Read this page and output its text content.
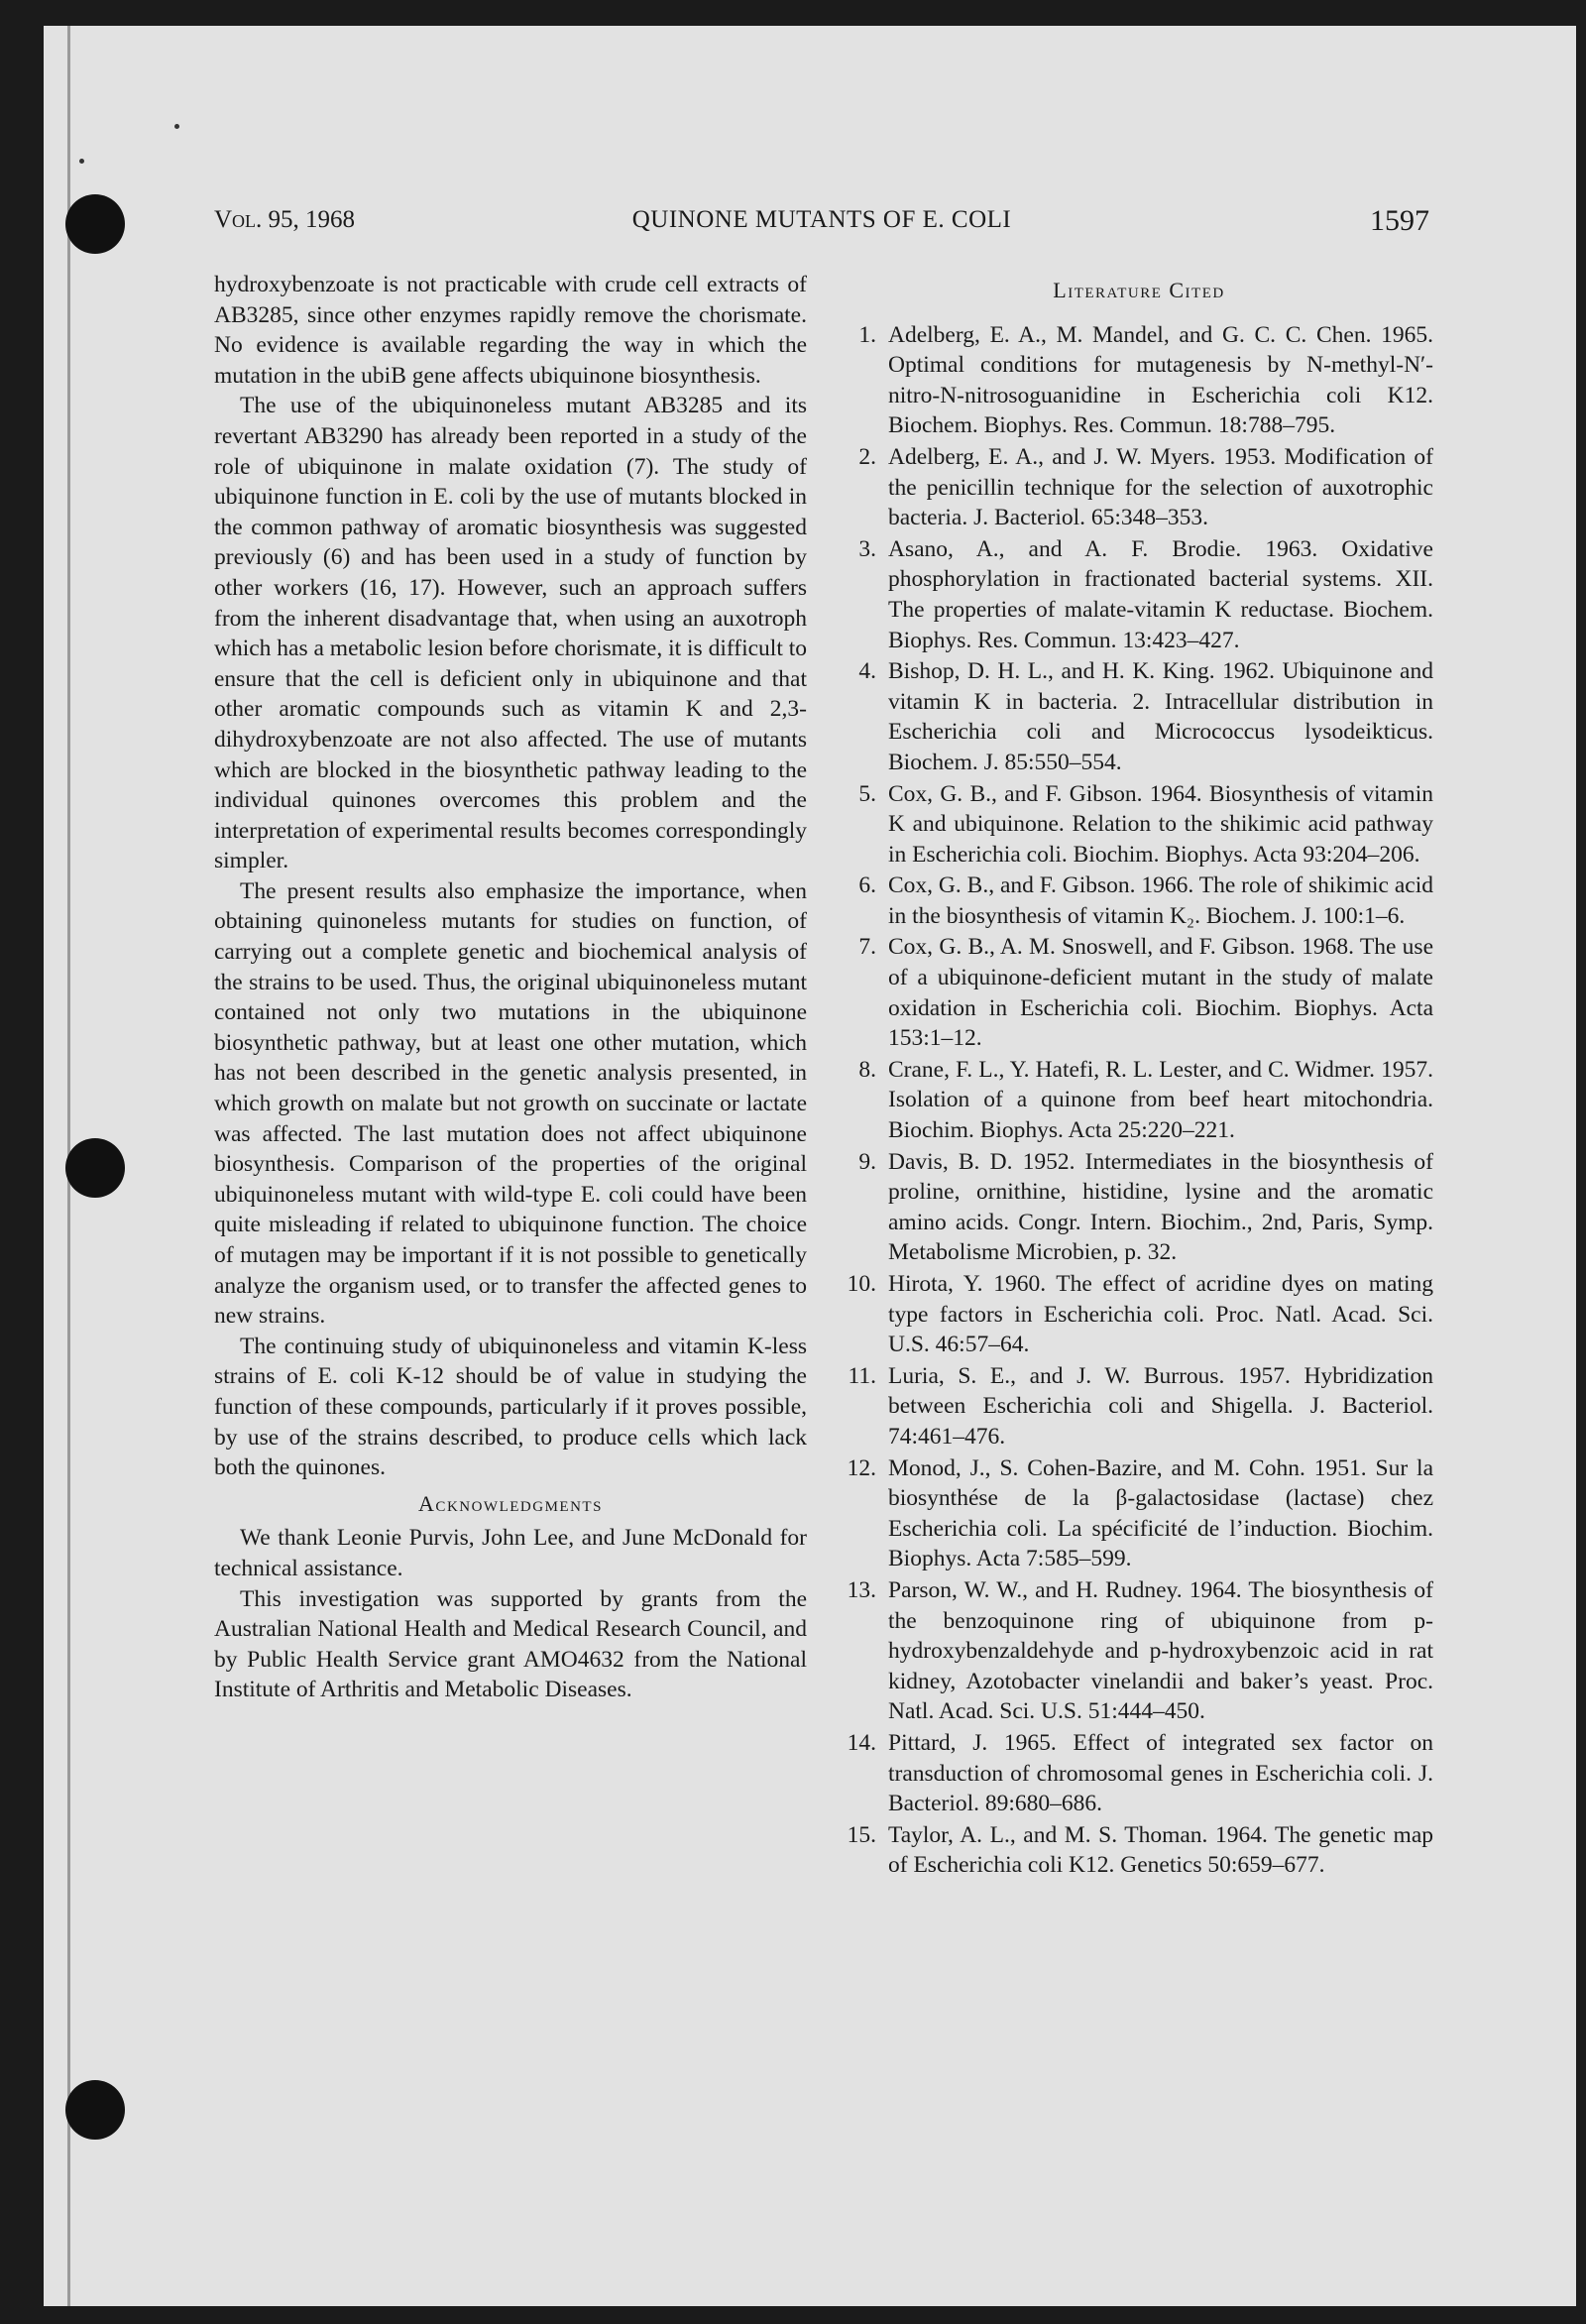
Vol. 95, 1968	QUINONE MUTANTS OF E. COLI	1597

hydroxybenzoate is not practicable with crude cell extracts of AB3285, since other enzymes rapidly remove the chorismate. No evidence is available regarding the way in which the mutation in the ubiB gene affects ubiquinone biosynthesis.

The use of the ubiquinoneless mutant AB3285 and its revertant AB3290 has already been reported in a study of the role of ubiquinone in malate oxidation (7). The study of ubiquinone function in E. coli by the use of mutants blocked in the common pathway of aromatic biosynthesis was suggested previously (6) and has been used in a study of function by other workers (16, 17). However, such an approach suffers from the inherent disadvantage that, when using an auxotroph which has a metabolic lesion before chorismate, it is difficult to ensure that the cell is deficient only in ubiquinone and that other aromatic compounds such as vitamin K and 2,3-dihydroxybenzoate are not also affected. The use of mutants which are blocked in the biosynthetic pathway leading to the individual quinones overcomes this problem and the interpretation of experimental results becomes correspondingly simpler.

The present results also emphasize the importance, when obtaining quinoneless mutants for studies on function, of carrying out a complete genetic and biochemical analysis of the strains to be used. Thus, the original ubiquinoneless mutant contained not only two mutations in the ubiquinone biosynthetic pathway, but at least one other mutation, which has not been described in the genetic analysis presented, in which growth on malate but not growth on succinate or lactate was affected. The last mutation does not affect ubiquinone biosynthesis. Comparison of the properties of the original ubiquinoneless mutant with wild-type E. coli could have been quite misleading if related to ubiquinone function. The choice of mutagen may be important if it is not possible to genetically analyze the organism used, or to transfer the affected genes to new strains.

The continuing study of ubiquinoneless and vitamin K-less strains of E. coli K-12 should be of value in studying the function of these compounds, particularly if it proves possible, by use of the strains described, to produce cells which lack both the quinones.

Acknowledgments

We thank Leonie Purvis, John Lee, and June McDonald for technical assistance.

This investigation was supported by grants from the Australian National Health and Medical Research Council, and by Public Health Service grant AMO4632 from the National Institute of Arthritis and Metabolic Diseases.

Literature Cited
1. Adelberg, E. A., M. Mandel, and G. C. C. Chen. 1965. Optimal conditions for mutagenesis by N-methyl-N′-nitro-N-nitrosoguanidine in Escherichia coli K12. Biochem. Biophys. Res. Commun. 18:788–795.
2. Adelberg, E. A., and J. W. Myers. 1953. Modification of the penicillin technique for the selection of auxotrophic bacteria. J. Bacteriol. 65:348–353.
3. Asano, A., and A. F. Brodie. 1963. Oxidative phosphorylation in fractionated bacterial systems. XII. The properties of malate-vitamin K reductase. Biochem. Biophys. Res. Commun. 13:423–427.
4. Bishop, D. H. L., and H. K. King. 1962. Ubiquinone and vitamin K in bacteria. 2. Intracellular distribution in Escherichia coli and Micrococcus lysodeikticus. Biochem. J. 85:550–554.
5. Cox, G. B., and F. Gibson. 1964. Biosynthesis of vitamin K and ubiquinone. Relation to the shikimic acid pathway in Escherichia coli. Biochim. Biophys. Acta 93:204–206.
6. Cox, G. B., and F. Gibson. 1966. The role of shikimic acid in the biosynthesis of vitamin K₂. Biochem. J. 100:1–6.
7. Cox, G. B., A. M. Snoswell, and F. Gibson. 1968. The use of a ubiquinone-deficient mutant in the study of malate oxidation in Escherichia coli. Biochim. Biophys. Acta 153:1–12.
8. Crane, F. L., Y. Hatefi, R. L. Lester, and C. Widmer. 1957. Isolation of a quinone from beef heart mitochondria. Biochim. Biophys. Acta 25:220–221.
9. Davis, B. D. 1952. Intermediates in the biosynthesis of proline, ornithine, histidine, lysine and the aromatic amino acids. Congr. Intern. Biochim., 2nd, Paris, Symp. Metabolisme Microbien, p. 32.
10. Hirota, Y. 1960. The effect of acridine dyes on mating type factors in Escherichia coli. Proc. Natl. Acad. Sci. U.S. 46:57–64.
11. Luria, S. E., and J. W. Burrous. 1957. Hybridization between Escherichia coli and Shigella. J. Bacteriol. 74:461–476.
12. Monod, J., S. Cohen-Bazire, and M. Cohn. 1951. Sur la biosynthése de la β-galactosidase (lactase) chez Escherichia coli. La spécificité de l’induction. Biochim. Biophys. Acta 7:585–599.
13. Parson, W. W., and H. Rudney. 1964. The biosynthesis of the benzoquinone ring of ubiquinone from p-hydroxybenzaldehyde and p-hydroxybenzoic acid in rat kidney, Azotobacter vinelandii and baker’s yeast. Proc. Natl. Acad. Sci. U.S. 51:444–450.
14. Pittard, J. 1965. Effect of integrated sex factor on transduction of chromosomal genes in Escherichia coli. J. Bacteriol. 89:680–686.
15. Taylor, A. L., and M. S. Thoman. 1964. The genetic map of Escherichia coli K12. Genetics 50:659–677.
